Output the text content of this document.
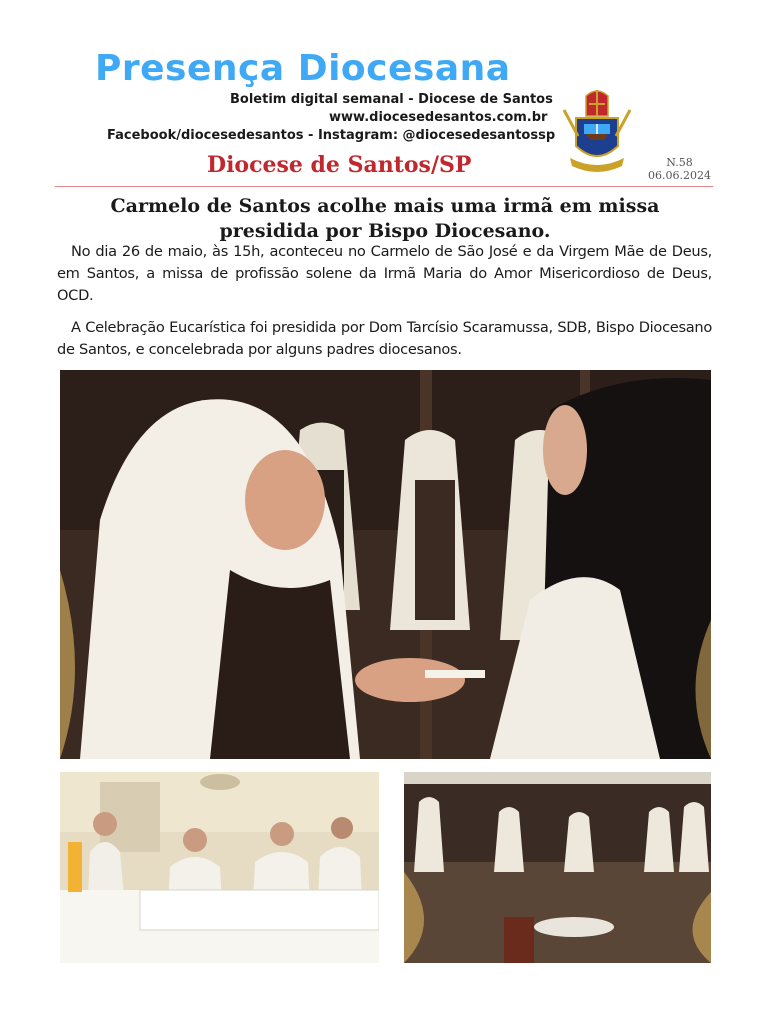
Presença Diocesana
Boletim digital semanal - Diocese de Santos
www.diocesedesantos.com.br
Facebook/diocesedesantos - Instagram: @diocesedesantossp
Diocese de Santos/SP	N.58
06.06.2024
Carmelo de Santos acolhe mais uma irmã em missa presidida por Bispo Diocesano.
No dia 26 de maio, às 15h, aconteceu no Carmelo de São José e da Virgem Mãe de Deus, em Santos, a missa de profissão solene da Irmã Maria do Amor Misericordioso de Deus, OCD.
A Celebração Eucarística foi presidida por Dom Tarcísio Scaramussa, SDB, Bispo Diocesano de Santos, e concelebrada por alguns padres diocesanos.
